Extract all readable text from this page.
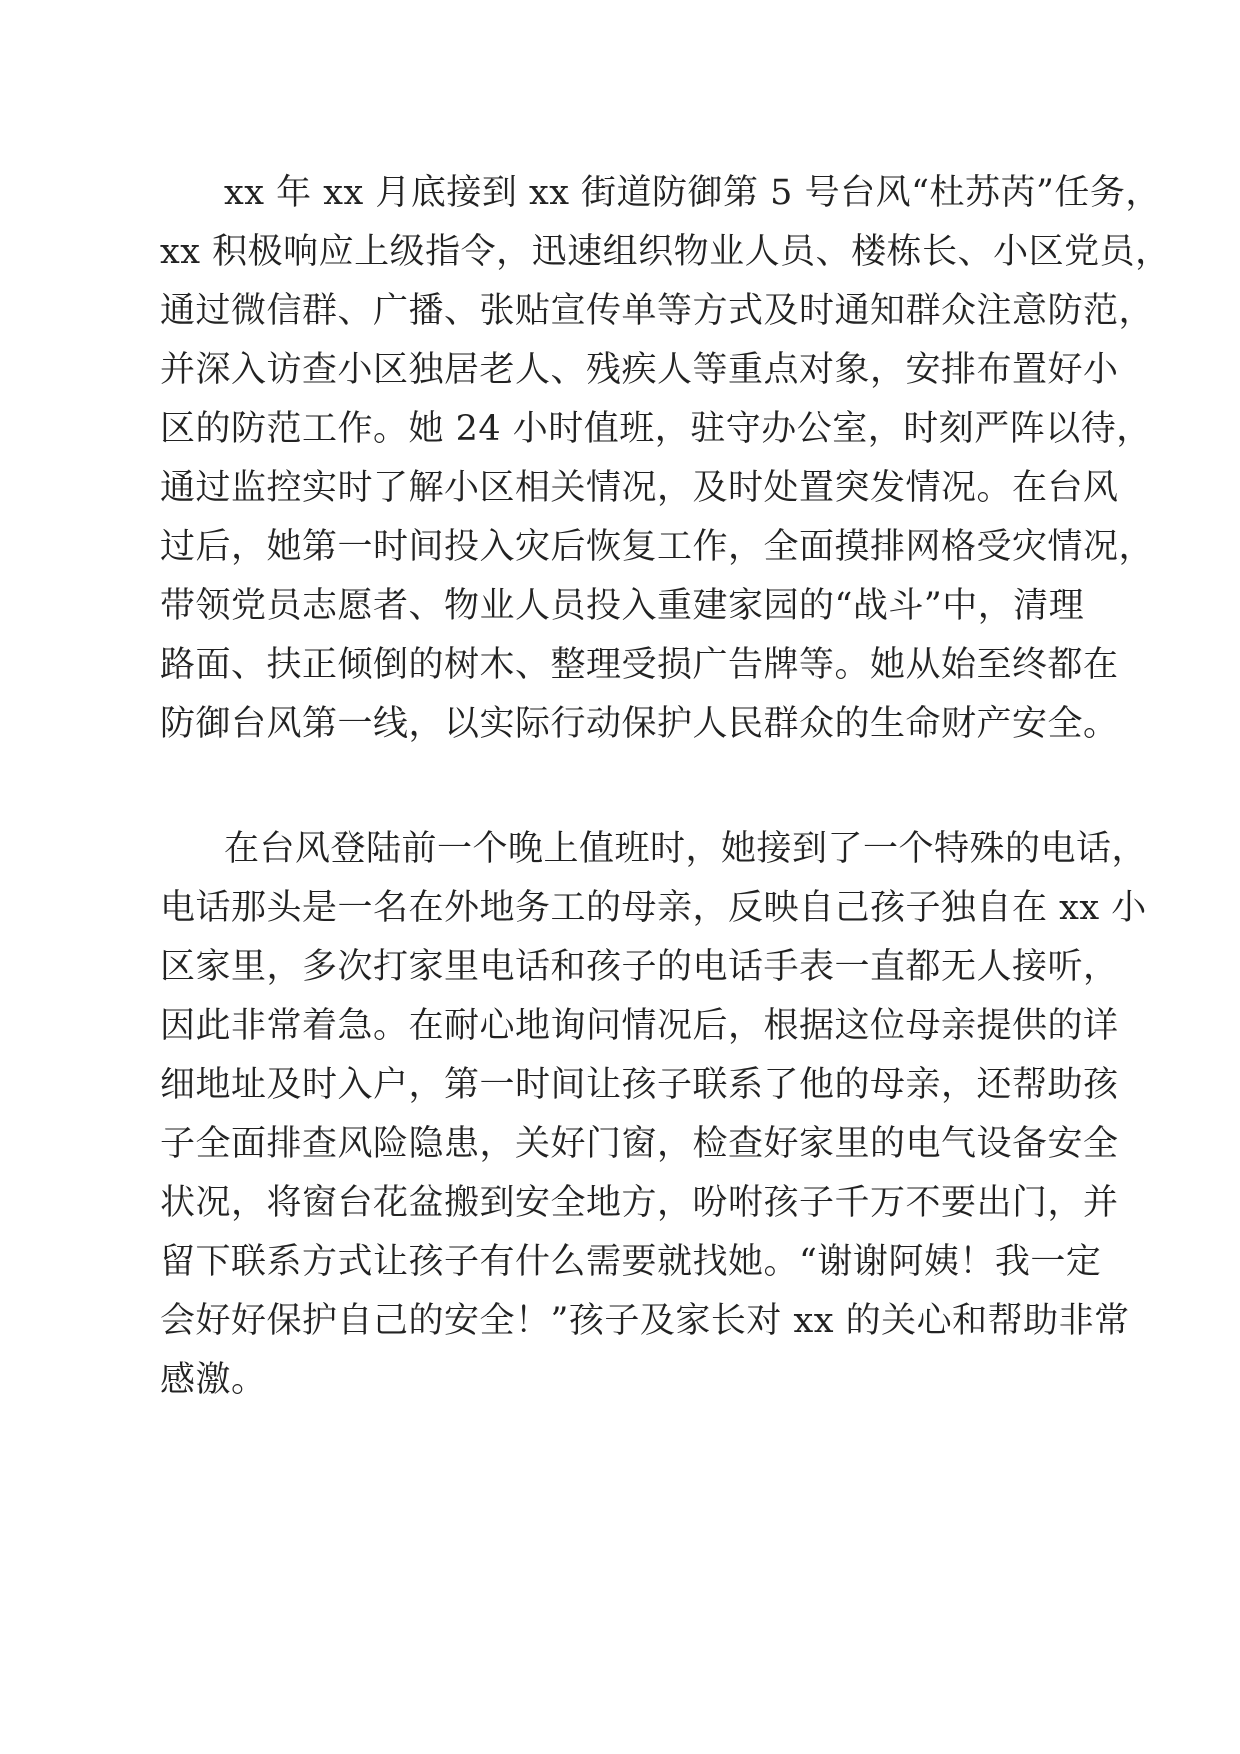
xx 年 xx 月底接到 xx 街道防御第 5 号台风“杜苏芮”任务，
xx 积极响应上级指令，迅速组织物业人员、楼栋长、小区党员，
通过微信群、广播、张贴宣传单等方式及时通知群众注意防范，
并深入访查小区独居老人、残疾人等重点对象，安排布置好小
区的防范工作。她 24 小时值班，驻守办公室，时刻严阵以待，
通过监控实时了解小区相关情况，及时处置突发情况。在台风
过后，她第一时间投入灾后恢复工作，全面摸排网格受灾情况，
带领党员志愿者、物业人员投入重建家园的“战斗”中，清理
路面、扶正倾倒的树木、整理受损广告牌等。她从始至终都在
防御台风第一线，以实际行动保护人民群众的生命财产安全。
在台风登陆前一个晚上值班时，她接到了一个特殊的电话，
电话那头是一名在外地务工的母亲，反映自己孩子独自在 xx 小
区家里，多次打家里电话和孩子的电话手表一直都无人接听，
因此非常着急。在耐心地询问情况后，根据这位母亲提供的详
细地址及时入户，第一时间让孩子联系了他的母亲，还帮助孩
子全面排查风险隐患，关好门窗，检查好家里的电气设备安全
状况，将窗台花盆搬到安全地方，吩咐孩子千万不要出门，并
留下联系方式让孩子有什么需要就找她。“谢谢阿姨！我一定
会好好保护自己的安全！”孩子及家长对 xx 的关心和帮助非常
感激。
